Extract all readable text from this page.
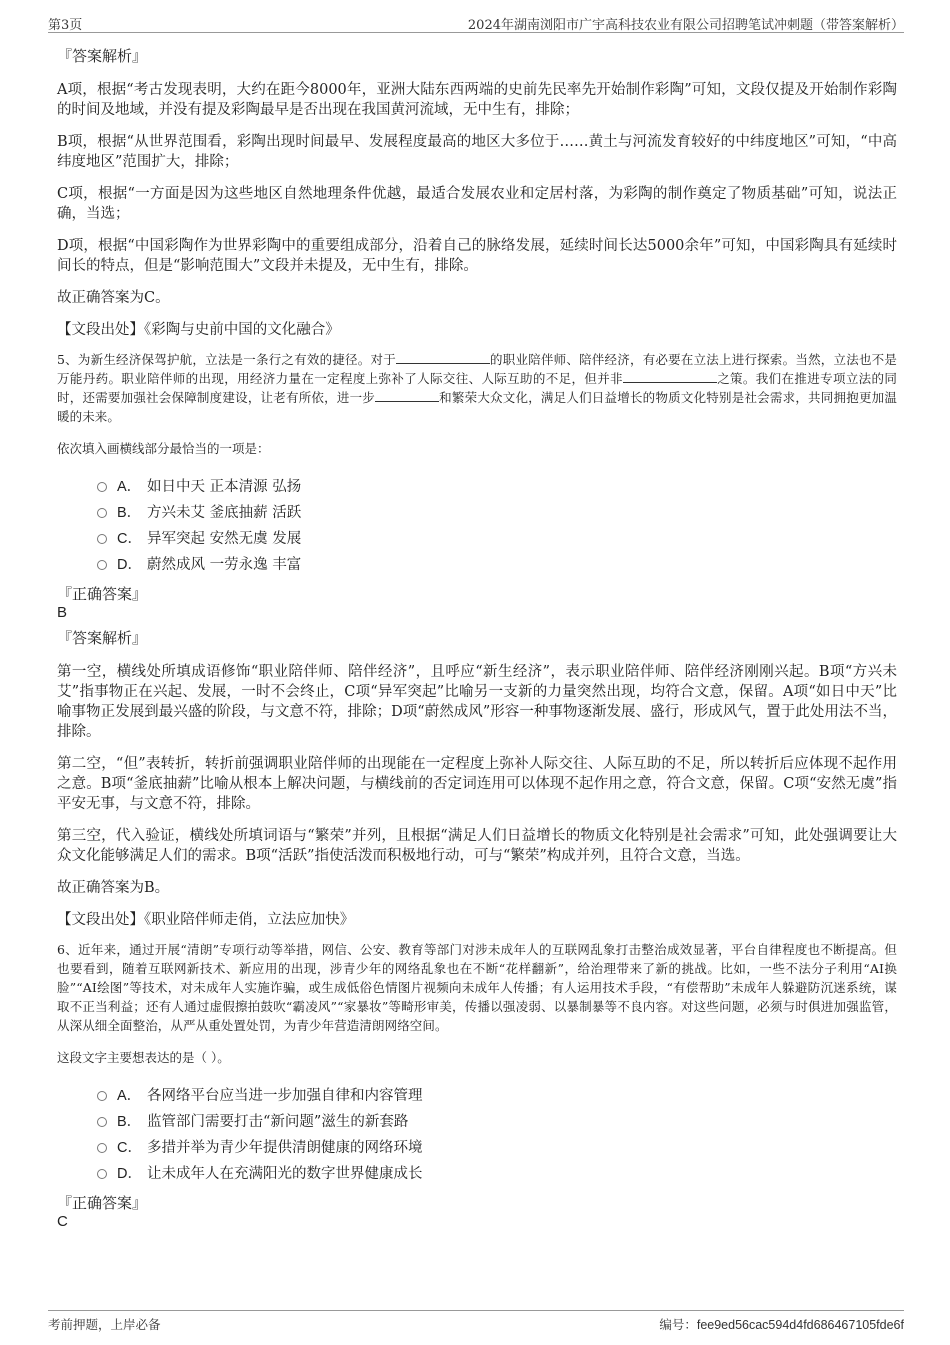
第3页	2024年湖南浏阳市广宇高科技农业有限公司招聘笔试冲刺题（带答案解析）

『答案解析』

A项，根据“考古发现表明，大约在距今8000年，亚洲大陆东西两端的史前先民率先开始制作彩陶”可知，文段仅提及开始制作彩陶的时间及地域，并没有提及彩陶最早是否出现在我国黄河流域，无中生有，排除；

B项，根据“从世界范围看，彩陶出现时间最早、发展程度最高的地区大多位于……黄土与河流发育较好的中纬度地区”可知，“中高纬度地区”范围扩大，排除；

C项，根据“一方面是因为这些地区自然地理条件优越，最适合发展农业和定居村落，为彩陶的制作奠定了物质基础”可知，说法正确，当选；

D项，根据“中国彩陶作为世界彩陶中的重要组成部分，沿着自己的脉络发展，延续时间长达5000余年”可知，中国彩陶具有延续时间长的特点，但是“影响范围大”文段并未提及，无中生有，排除。

故正确答案为C。

【文段出处】《彩陶与史前中国的文化融合》

5、为新生经济保驾护航，立法是一条行之有效的捷径。对于	的职业陪伴师、陪伴经济，有必要在立法上进行探索。当然，立法也不是万能丹药。职业陪伴师的出现，用经济力量在一定程度上弥补了人际交往、人际互助的不足，但并非	之策。我们在推进专项立法的同时，还需要加强社会保障制度建设，让老有所依，进一步	和繁荣大众文化，满足人们日益增长的物质文化特别是社会需求，共同拥抱更加温暖的未来。

依次填入画横线部分最恰当的一项是：

A． 如日中天 正本清源 弘扬
B． 方兴未艾 釜底抽薪 活跃
C． 异军突起 安然无虞 发展
D． 蔚然成风 一劳永逸 丰富

『正确答案』

B

『答案解析』

第一空，横线处所填成语修饰“职业陪伴师、陪伴经济”，且呼应“新生经济”，表示职业陪伴师、陪伴经济刚刚兴起。B项“方兴未艾”指事物正在兴起、发展，一时不会终止，C项“异军突起”比喻另一支新的力量突然出现，均符合文意，保留。A项“如日中天”比喻事物正发展到最兴盛的阶段，与文意不符，排除；D项“蔚然成风”形容一种事物逐渐发展、盛行，形成风气，置于此处用法不当，排除。

第二空，“但”表转折，转折前强调职业陪伴师的出现能在一定程度上弥补人际交往、人际互助的不足，所以转折后应体现不起作用之意。B项“釜底抽薪”比喻从根本上解决问题，与横线前的否定词连用可以体现不起作用之意，符合文意，保留。C项“安然无虞”指平安无事，与文意不符，排除。

第三空，代入验证，横线处所填词语与“繁荣”并列，且根据“满足人们日益增长的物质文化特别是社会需求”可知，此处强调要让大众文化能够满足人们的需求。B项“活跃”指使活泼而积极地行动，可与“繁荣”构成并列，且符合文意，当选。

故正确答案为B。

【文段出处】《职业陪伴师走俏，立法应加快》

6、近年来，通过开展“清朗”专项行动等举措，网信、公安、教育等部门对涉未成年人的互联网乱象打击整治成效显著，平台自律程度也不断提高。但也要看到，随着互联网新技术、新应用的出现，涉青少年的网络乱象也在不断“花样翻新”，给治理带来了新的挑战。比如，一些不法分子利用“AI换脸”“AI绘图”等技术，对未成年人实施诈骗，或生成低俗色情图片视频向未成年人传播；有人运用技术手段，“有偿帮助”未成年人躲避防沉迷系统，谋取不正当利益；还有人通过虚假擦拍鼓吹“霸凌风”“家暴妆”等畸形审美，传播以强凌弱、以暴制暴等不良内容。对这些问题，必须与时俱进加强监管，从深从细全面整治，从严从重处置处罚，为青少年营造清朗网络空间。

这段文字主要想表达的是（ ）。

A． 各网络平台应当进一步加强自律和内容管理
B． 监管部门需要打击“新问题”滋生的新套路
C． 多措并举为青少年提供清朗健康的网络环境
D． 让未成年人在充满阳光的数字世界健康成长

『正确答案』

C

考前押题，上岸必备	编号：fee9ed56cac594d4fd686467105fde6f
